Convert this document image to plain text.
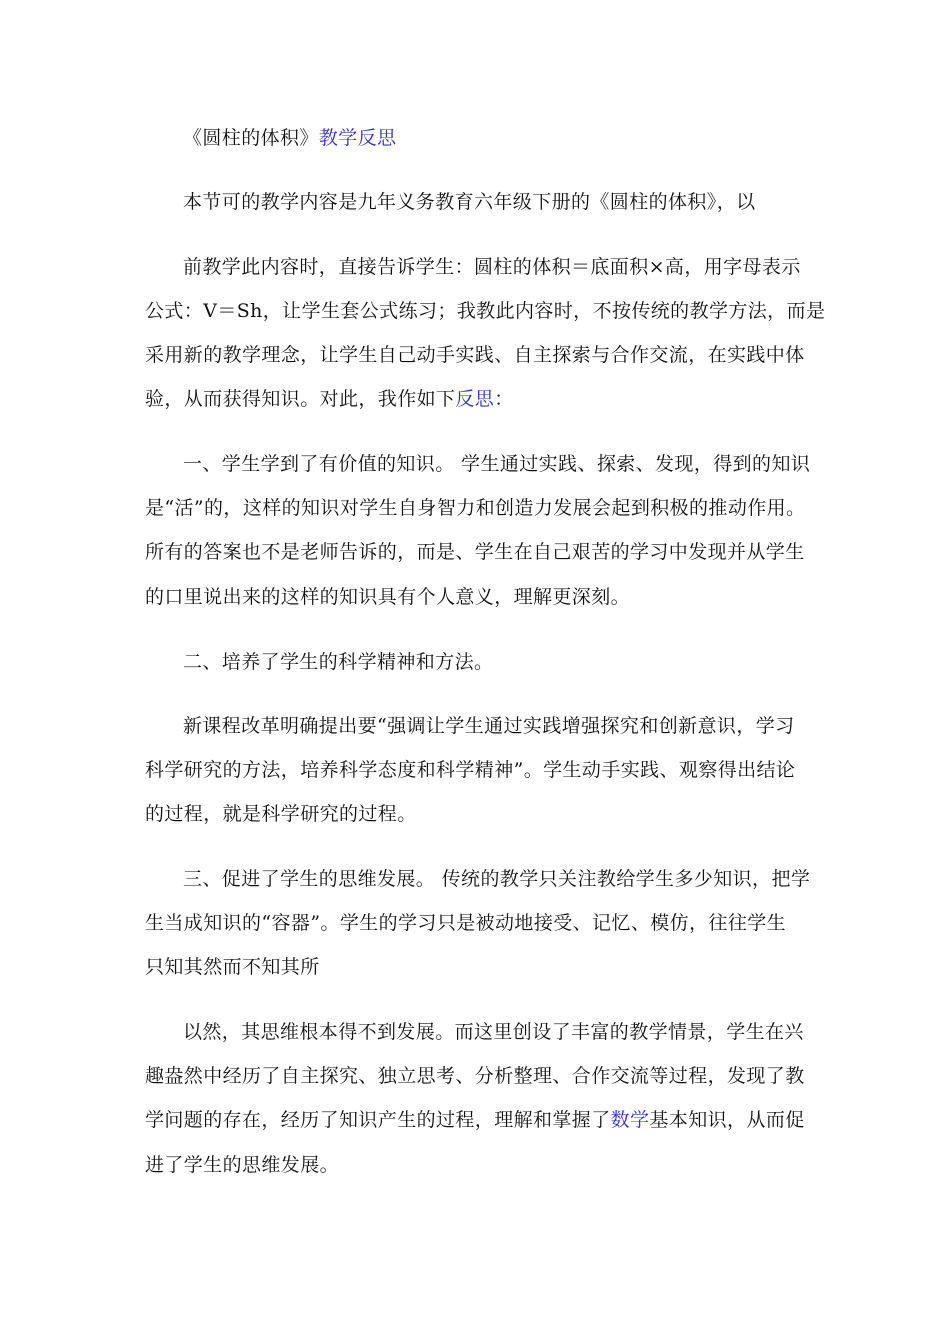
《圆柱的体积》教学反思
本节可的教学内容是九年义务教育六年级下册的《圆柱的体积》，以
前教学此内容时，直接告诉学生：圆柱的体积＝底面积×高，用字母表示
公式：V＝Sh，让学生套公式练习；我教此内容时，不按传统的教学方法，而是
采用新的教学理念，让学生自己动手实践、自主探索与合作交流，在实践中体
验，从而获得知识。对此，我作如下反思：
一、学生学到了有价值的知识。 学生通过实践、探索、发现，得到的知识
是“活”的，这样的知识对学生自身智力和创造力发展会起到积极的推动作用。
所有的答案也不是老师告诉的，而是、学生在自己艰苦的学习中发现并从学生
的口里说出来的这样的知识具有个人意义，理解更深刻。
二、培养了学生的科学精神和方法。
新课程改革明确提出要“强调让学生通过实践增强探究和创新意识，学习
科学研究的方法，培养科学态度和科学精神”。学生动手实践、观察得出结论
的过程，就是科学研究的过程。
三、促进了学生的思维发展。 传统的教学只关注教给学生多少知识，把学
生当成知识的“容器”。学生的学习只是被动地接受、记忆、模仿，往往学生
只知其然而不知其所
以然，其思维根本得不到发展。而这里创设了丰富的教学情景，学生在兴
趣盎然中经历了自主探究、独立思考、分析整理、合作交流等过程，发现了教
学问题的存在，经历了知识产生的过程，理解和掌握了数学基本知识，从而促
进了学生的思维发展。
